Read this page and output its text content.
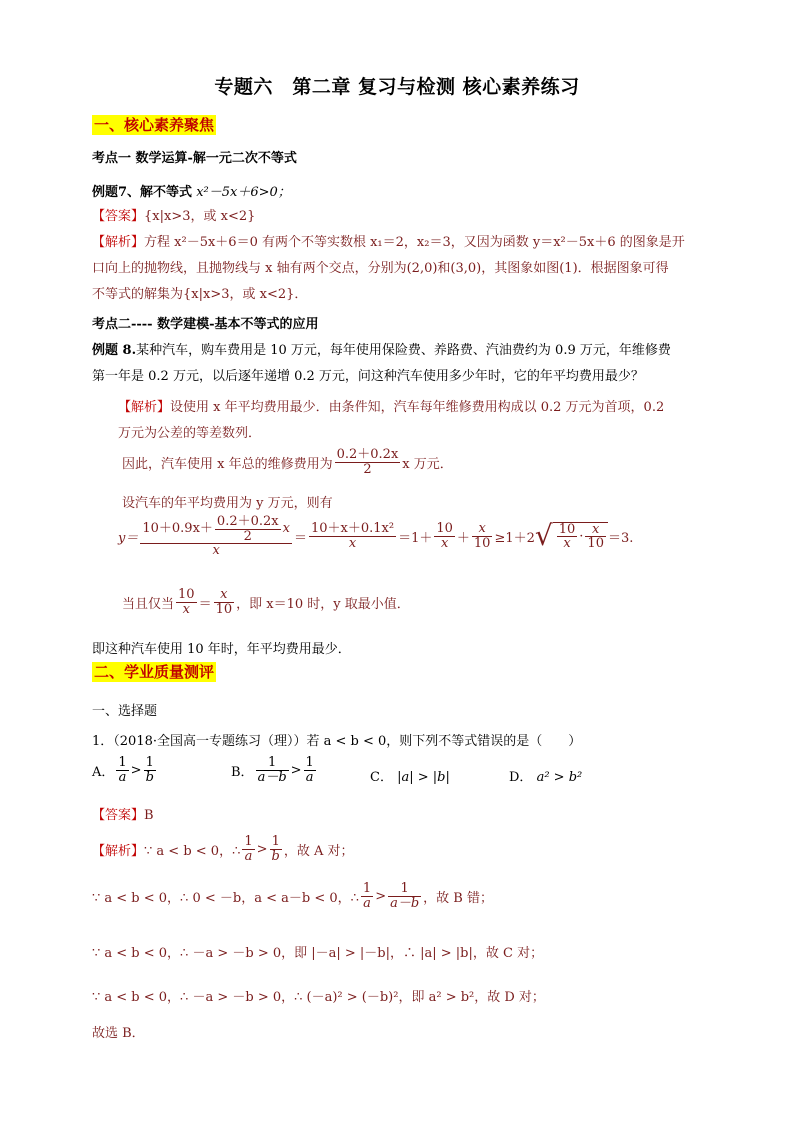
专题六　第二章 复习与检测 核心素养练习
一、核心素养聚焦
考点一 数学运算-解一元二次不等式
例题7、解不等式 x²－5x＋6>0；
【答案】{x|x>3，或 x<2}
【解析】方程 x²－5x＋6＝0 有两个不等实数根 x₁＝2，x₂＝3，又因为函数 y＝x²－5x＋6 的图象是开
口向上的抛物线，且抛物线与 x 轴有两个交点，分别为(2,0)和(3,0)，其图象如图(1)．根据图象可得
不等式的解集为{x|x>3，或 x<2}．
考点二---- 数学建模-基本不等式的应用
例题 8.某种汽车，购车费用是 10 万元，每年使用保险费、养路费、汽油费约为 0.9 万元，年维修费
第一年是 0.2 万元，以后逐年递增 0.2 万元，问这种汽车使用多少年时，它的年平均费用最少？
【解析】设使用 x 年平均费用最少．由条件知，汽车每年维修费用构成以 0.2 万元为首项，0.2
万元为公差的等差数列．
因此，汽车使用 x 年总的维修费用为 $\frac{0.2+0.2x}{2}$ x 万元．
设汽车的年平均费用为 y 万元，则有
y＝
$10+0.9x+ \frac{0.2+0.2x}{2}$ x
x
＝ $\frac{\text{10＋x＋0.1x²}}{x} =1+ \frac{10}{x} + \frac{x}{10} \ge 1+2$ √ $\frac{10}{x} \cdot \frac{x}{10} =3$.
当且仅当 $\frac{10}{x} = \frac{x}{10}$ ，即 x＝10 时，y 取最小值．
即这种汽车使用 10 年时，年平均费用最少．
二、学业质量测评
一、选择题
1．（2018·全国高一专题练习（理））若 a < b < 0，则下列不等式错误的是（　　）
A． $\frac{1}{a} > \frac{1}{b}$	B． $\frac{1}{a-b} > \frac{1}{a}$	C． |a| > |b|	D． a² > b²
【答案】B
【解析】 ∵ a < b < 0，∴ $\frac{1}{a} > \frac{1}{b}$ ，故 A 对；
∵ a < b < 0，∴ 0 < －b，a < a－b < 0，∴ $\frac{1}{a} > \frac{1}{a-b}$ ，故 B 错；
∵ a < b < 0，∴ －a > －b > 0，即 |－a| > |－b|，∴ |a| > |b|，故 C 对；
∵ a < b < 0，∴ －a > －b > 0，∴ (－a)² > (－b)²，即 a² > b²，故 D 对；
故选 B．
